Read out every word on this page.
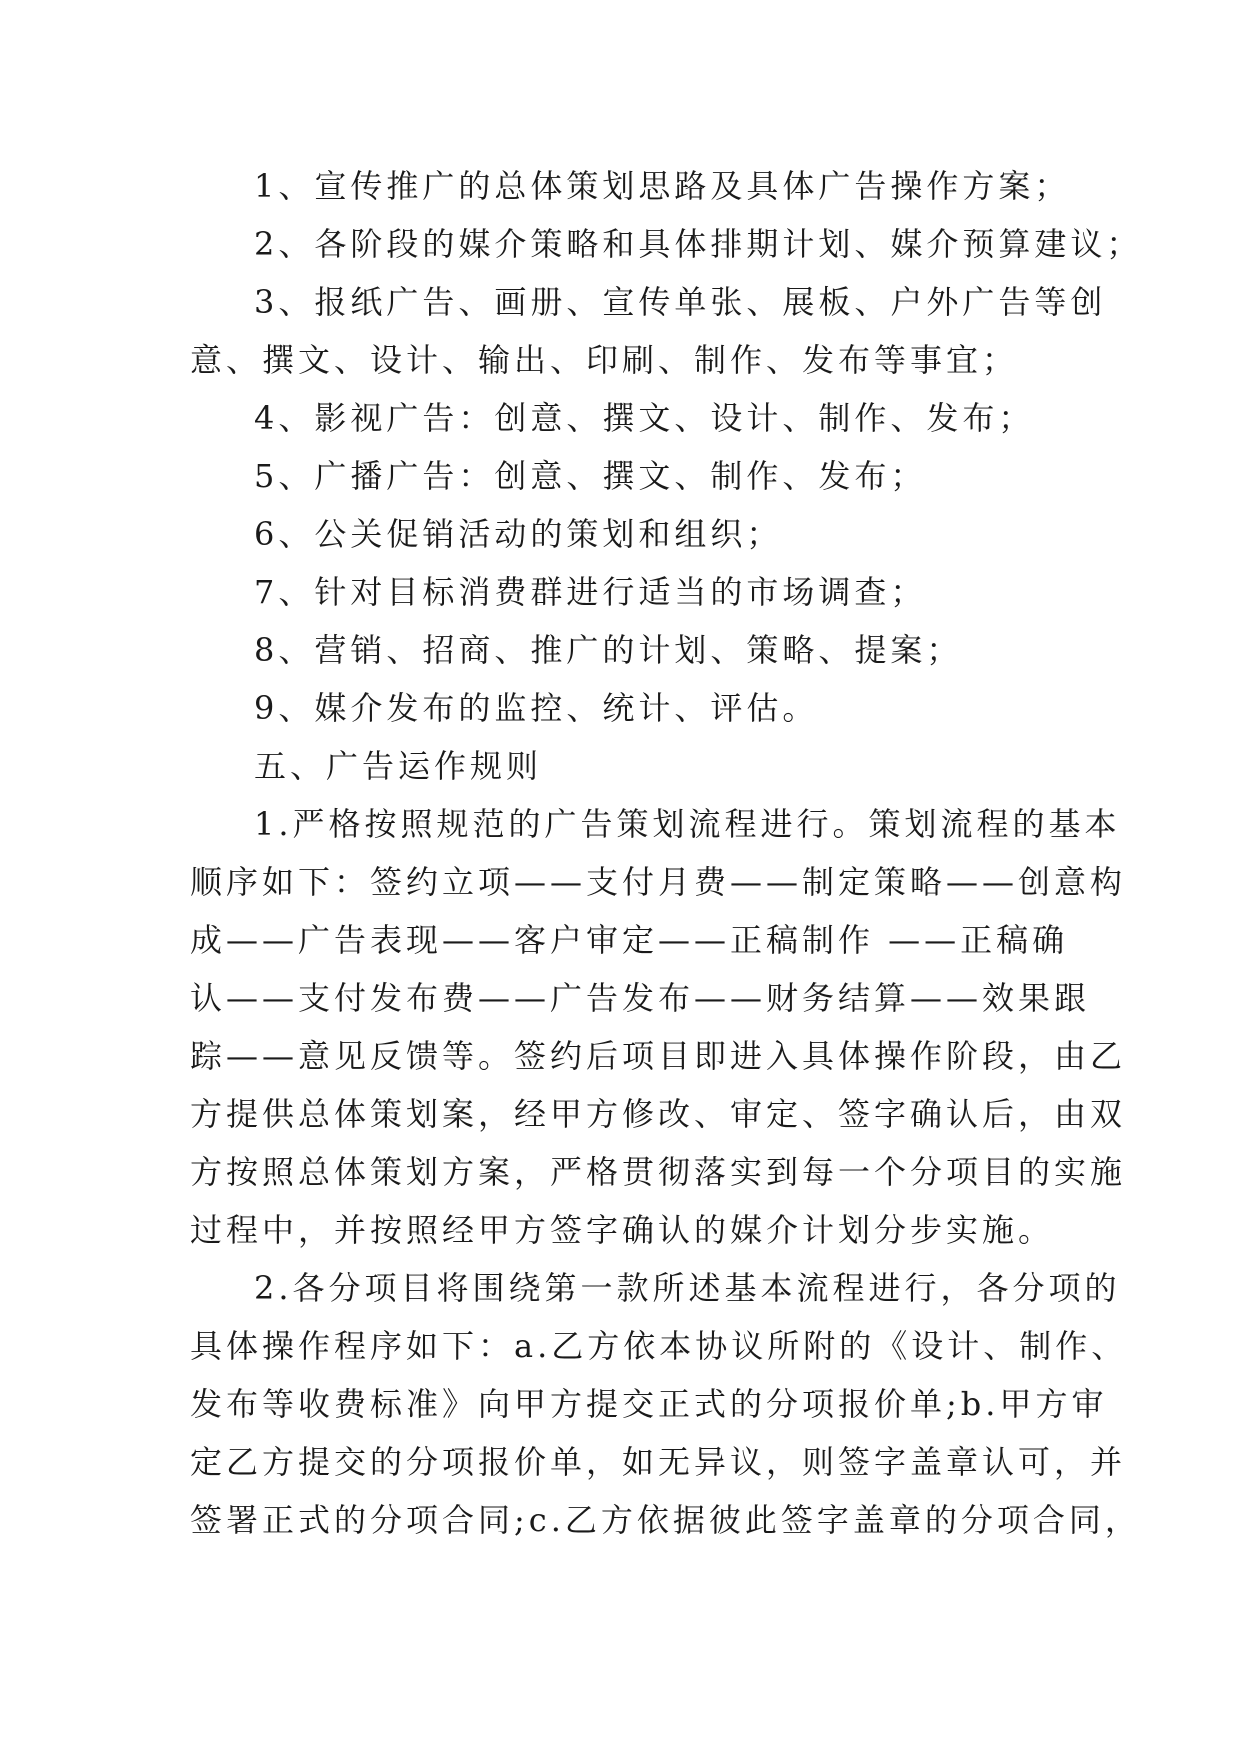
1、宣传推广的总体策划思路及具体广告操作方案；
2、各阶段的媒介策略和具体排期计划、媒介预算建议；
3、报纸广告、画册、宣传单张、展板、户外广告等创
意、撰文、设计、输出、印刷、制作、发布等事宜；
4、影视广告：创意、撰文、设计、制作、发布；
5、广播广告：创意、撰文、制作、发布；
6、公关促销活动的策划和组织；
7、针对目标消费群进行适当的市场调查；
8、营销、招商、推广的计划、策略、提案；
9、媒介发布的监控、统计、评估。
五、广告运作规则
1.严格按照规范的广告策划流程进行。策划流程的基本
顺序如下：签约立项——支付月费——制定策略——创意构
成——广告表现——客户审定——正稿制作 ——正稿确
认——支付发布费——广告发布——财务结算——效果跟
踪——意见反馈等。签约后项目即进入具体操作阶段，由乙
方提供总体策划案，经甲方修改、审定、签字确认后，由双
方按照总体策划方案，严格贯彻落实到每一个分项目的实施
过程中，并按照经甲方签字确认的媒介计划分步实施。
2.各分项目将围绕第一款所述基本流程进行，各分项的
具体操作程序如下：a.乙方依本协议所附的《设计、制作、
发布等收费标准》向甲方提交正式的分项报价单;b.甲方审
定乙方提交的分项报价单，如无异议，则签字盖章认可，并
签署正式的分项合同;c.乙方依据彼此签字盖章的分项合同，
